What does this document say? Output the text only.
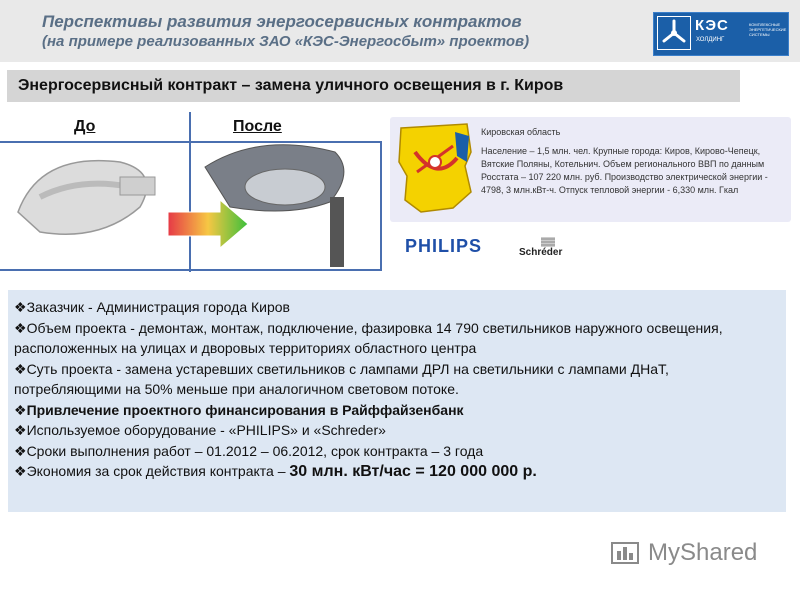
Перспективы развития энергосервисных контрактов
(на примере реализованных ЗАО «КЭС-Энергосбыт» проектов)
КЭС
ХОЛДИНГ
КОМПЛЕКСНЫЕ ЭНЕРГЕТИЧЕСКИЕ СИСТЕМЫ
Энергосервисный контракт – замена уличного освещения в г. Киров
До	После	Кировская область
Население – 1,5 млн. чел. Крупные города: Киров, Кирово-Чепецк, Вятские Поляны, Котельнич. Объем регионального ВВП по данным Росстата – 107 220 млн. руб. Производство электрической энергии - 4798, 3 млн.кВт-ч. Отпуск тепловой энергии - 6,330 млн. Гкал
PHILIPS	Schréder
❖Заказчик - Администрация города Киров
❖Объем проекта - демонтаж, монтаж, подключение, фазировка 14 790 светильников наружного освещения, расположенных на улицах и дворовых территориях областного центра
❖Суть проекта - замена устаревших светильников с лампами ДРЛ на светильники с лампами ДНаТ, потребляющими на 50% меньше при аналогичном световом потоке.
❖Привлечение проектного финансирования в Райффайзенбанк
❖Используемое оборудование - «PHILIPS» и «Schreder»
❖Сроки выполнения работ – 01.2012 – 06.2012, срок контракта – 3 года
❖Экономия за срок действия контракта – 30 млн. кВт/час = 120 000 000 р.
MyShared
